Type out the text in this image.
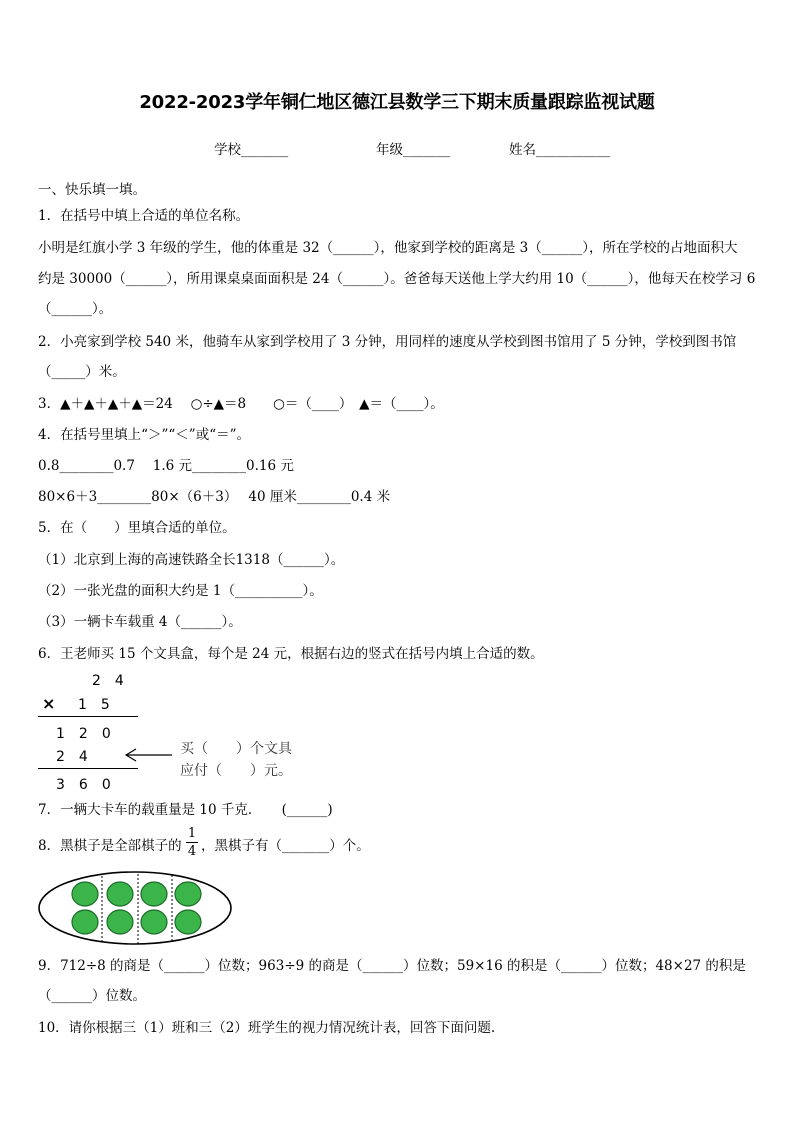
2022-2023学年铜仁地区德江县数学三下期末质量跟踪监视试题
学校_______	年级_______	姓名___________
一、快乐填一填。
1．在括号中填上合适的单位名称。
小明是红旗小学 3 年级的学生，他的体重是 32（______），他家到学校的距离是 3（______），所在学校的占地面积大
约是 30000（______），所用课桌桌面面积是 24（______）。爸爸每天送他上学大约用 10（______），他每天在校学习 6
（______）。
2．小亮家到学校 540 米，他骑车从家到学校用了 3 分钟，用同样的速度从学校到图书馆用了 5 分钟，学校到图书馆
（_____）米。
3．▲＋▲＋▲＋▲＝24　 ○÷▲＝8　　○＝（____）　▲＝（____）。
4．在括号里填上“＞”“＜”或“＝”。
0.8________0.7　 1.6 元________0.16 元
80×6＋3________80×（6＋3）　 40 厘米________0.4 米
5．在（　　）里填合适的单位。
（1）北京到上海的高速铁路全长1318（______）。
（2）一张光盘的面积大约是 1（__________）。
（3）一辆卡车载重 4（______）。
6．王老师买 15 个文具盒，每个是 24 元，根据右边的竖式在括号内填上合适的数。
2　4
× 1　5
1　2　0
2　4
3　6　0
买（　　）个文具
应付（　　）元。
7．一辆大卡车的载重量是 10 千克．　　(______)
8．黑棋子是全部棋子的
1
4 ，黑棋子有（_______）个。
9．712÷8 的商是（______）位数；963÷9 的商是（______）位数；59×16 的积是（______）位数；48×27 的积是
（______）位数。
10．请你根据三（1）班和三（2）班学生的视力情况统计表，回答下面问题.
